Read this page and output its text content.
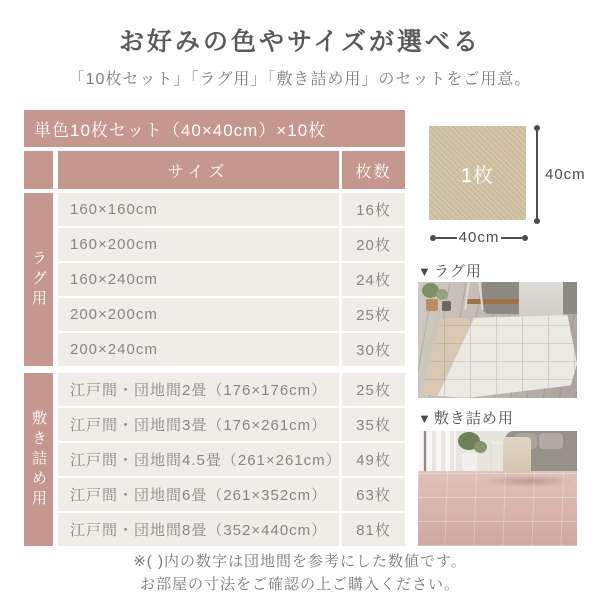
お好みの色やサイズが選べる
「10枚セット」「ラグ用」「敷き詰め用」のセットをご用意。
単色10枚セット（40×40cm）×10枚
サイズ	枚数
ラグ用
160×160cm	16枚
160×200cm	20枚
160×240cm	24枚
200×200cm	25枚
200×240cm	30枚
敷き詰め用
江戸間・団地間2畳（176×176cm）	25枚
江戸間・団地間3畳（176×261cm）	35枚
江戸間・団地間4.5畳（261×261cm） 49枚
江戸間・団地間6畳（261×352cm）	63枚
江戸間・団地間8畳（352×440cm）	81枚
1枚	40cm
40cm
▼ ラグ用
▼ 敷き詰め用
※( )内の数字は団地間を参考にした数値です。
お部屋の寸法をご確認の上ご購入ください。
